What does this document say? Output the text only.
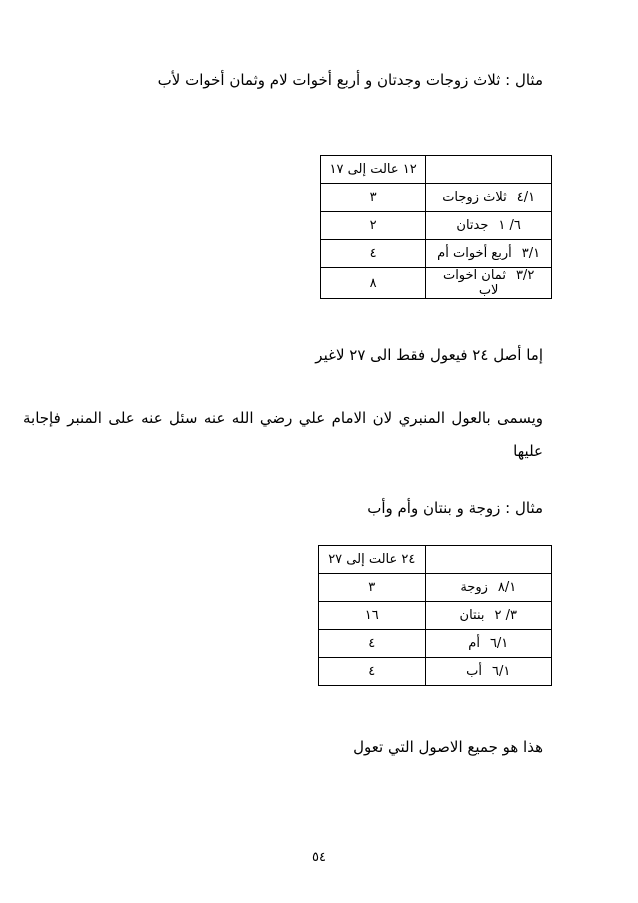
مثال : ثلاث زوجات وجدتان و أربع أخوات لام وثمان أخوات لأب
	١٢ عالت إلى ١٧
٤/١ثلاث زوجات	٣
٦/ ١جدتان	٢
٣/١أربع أخوات أم	٤
٣/٢ثمان اخوات لاب	٨
إما أصل ٢٤ فيعول فقط الى ٢٧ لاغير
ويسمى بالعول المنبري لان الامام علي رضي الله عنه سئل عنه على المنبر فإجابة عليها
مثال : زوجة و بنتان وأم وأب
	٢٤ عالت إلى ٢٧
٨/١زوجة	٣
٣/ ٢بنتان	١٦
٦/١أم	٤
٦/١أب	٤
هذا هو جميع الاصول التي تعول
٥٤
